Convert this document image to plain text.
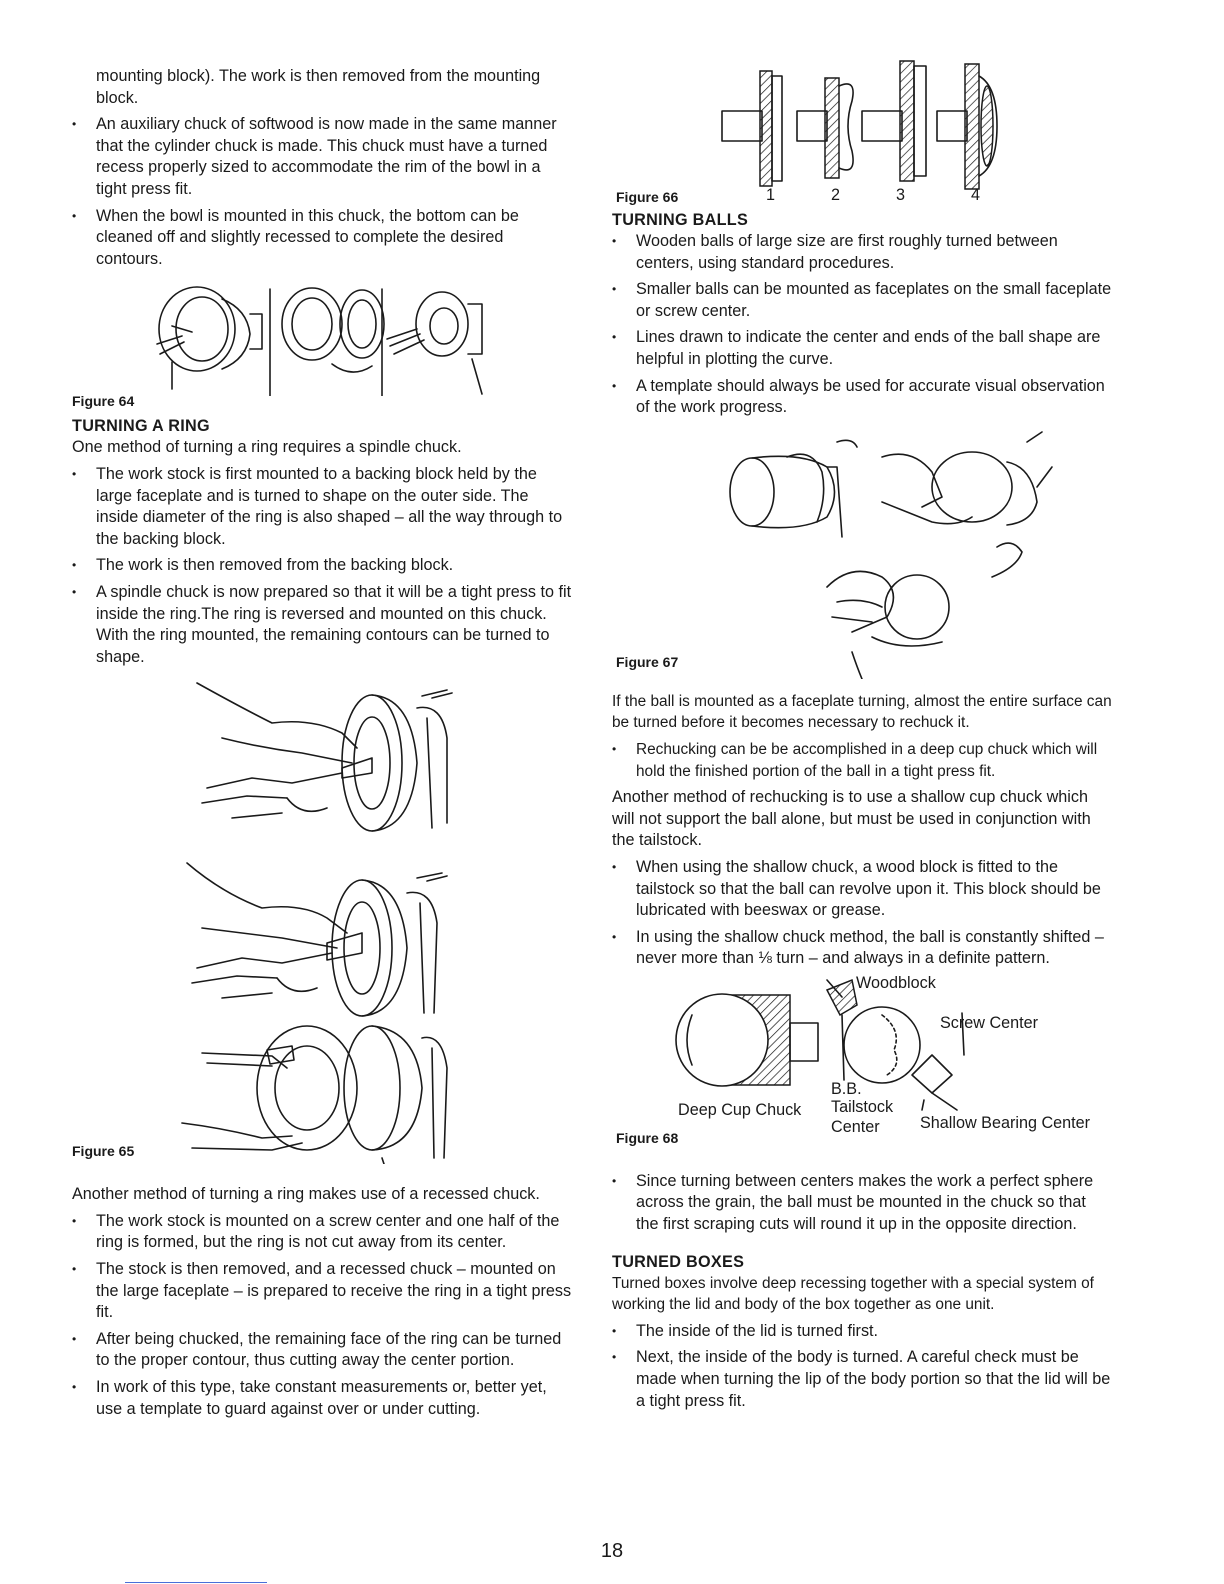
mounting block). The work is then removed from the mounting block.

• An auxiliary chuck of softwood is now made in the same manner that the cylinder chuck is made. This chuck must have a turned recess properly sized to accommodate the rim of the bowl in a tight press fit.
• When the bowl is mounted in this chuck, the bottom can be cleaned off and slightly recessed to complete the desired contours.

Figure 64

TURNING A RING

One method of turning a ring requires a spindle chuck.

• The work stock is first mounted to a backing block held by the large faceplate and is turned to shape on the outer side. The inside diameter of the ring is also shaped – all the way through to the backing block.
• The work is then removed from the backing block.
• A spindle chuck is now prepared so that it will be a tight press to fit inside the ring.The ring is reversed and mounted on this chuck. With the ring mounted, the remaining contours can be turned to shape.

Figure 65

Another method of turning a ring makes use of a recessed chuck.

• The work stock is mounted on a screw center and one half of the ring is formed, but the ring is not cut away from its center.
• The stock is then removed, and a recessed chuck – mounted on the large faceplate – is prepared to receive the ring in a tight press fit.
• After being chucked, the remaining face of the ring can be turned to the proper contour, thus cutting away the center portion.
• In work of this type, take constant measurements or, better yet, use a template to guard against over or under cutting.
1	2	3	4

Figure 66

TURNING BALLS
• Wooden balls of large size are first roughly turned between centers, using standard procedures.
• Smaller balls can be mounted as faceplates on the small faceplate or screw center.
• Lines drawn to indicate the center and ends of the ball shape are helpful in plotting the curve.
• A template should always be used for accurate visual observation of the work progress.

Figure 67

If the ball is mounted as a faceplate turning, almost the entire surface can be turned before it becomes necessary to rechuck it.

• Rechucking can be be accomplished in a deep cup chuck which will hold the finished portion of the ball in a tight press fit.

Another method of rechucking is to use a shallow cup chuck which will not support the ball alone, but must be used in conjunction with the tailstock.

• When using the shallow chuck, a wood block is fitted to the tailstock so that the ball can revolve upon it. This block should be lubricated with beeswax or grease.
• In using the shallow chuck method, the ball is constantly shifted – never more than ⅛ turn – and always in a definite pattern.
Woodblock
Screw Center
B.B.
Deep Cup Chuck Tailstock
Center Shallow Bearing Center

Figure 68

• Since turning between centers makes the work a perfect sphere across the grain, the ball must be mounted in the chuck so that the first scraping cuts will round it up in the opposite direction.
TURNED BOXES

Turned boxes involve deep recessing together with a special system of working the lid and body of the box together as one unit.

• The inside of the lid is turned first.
• Next, the inside of the body is turned. A careful check must be made when turning the lip of the body portion so that the lid will be a tight press fit.
18
